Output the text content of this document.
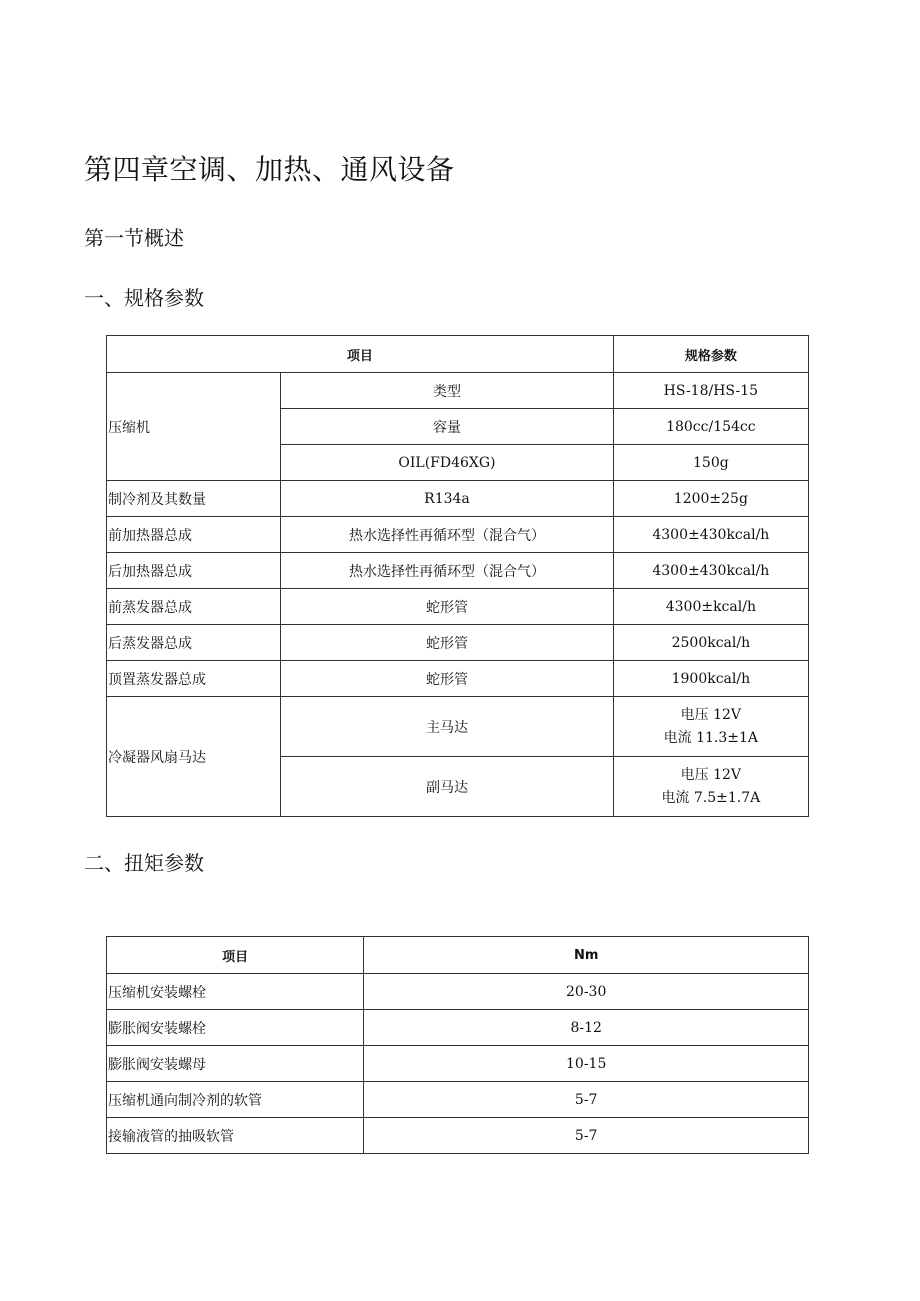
第四章空调、加热、通风设备
第一节概述
一、规格参数
项目		规格参数
压缩机	类型	HS-18/HS-15
	容量	180cc/154cc
	OIL(FD46XG)	150g
制冷剂及其数量	R134a	1200±25g
前加热器总成	热水选择性再循环型（混合气）	4300±430kcal/h
后加热器总成	热水选择性再循环型（混合气）	4300±430kcal/h
前蒸发器总成	蛇形管	4300±kcal/h
后蒸发器总成	蛇形管	2500kcal/h
顶置蒸发器总成	蛇形管	1900kcal/h
冷凝器风扇马达	主马达	电压 12V
电流 11.3±1A

	副马达	电压 12V
电流 7.5±1.7A
二、扭矩参数
项目	Nm
压缩机安装螺栓	20-30
膨胀阀安装螺栓	8-12
膨胀阀安装螺母	10-15
压缩机通向制冷剂的软管	5-7
接输液管的抽吸软管	5-7
